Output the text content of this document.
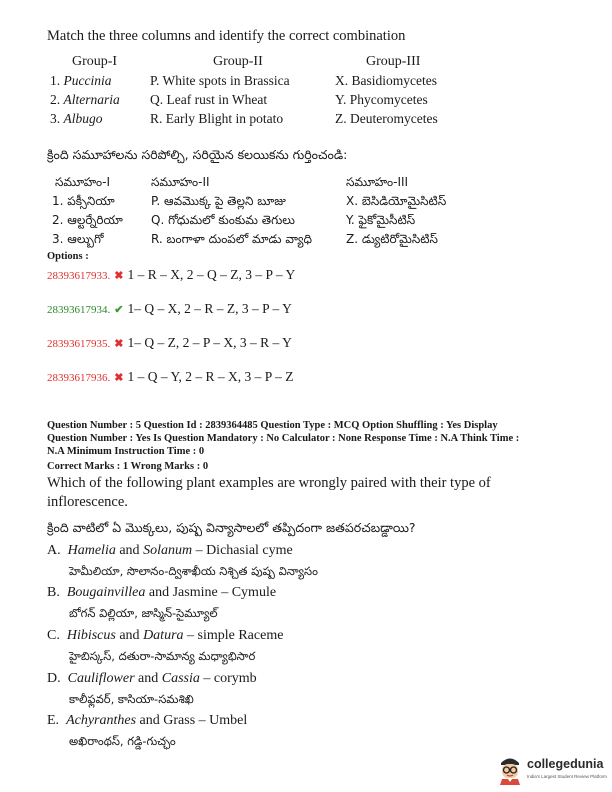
Match the three columns and identify the correct combination
Group-I	Group-II	Group-III
1. Puccinia	P. White spots in Brassica	X. Basidiomycetes
2. Alternaria Q. Leaf rust in Wheat	Y. Phycomycetes
3. Albugo	R. Early Blight in potato	Z. Deuteromycetes
క్రింది సమూహాలను సరిపోల్చి, సరియైన కలయికను గుర్తించండి:
సమూహం-I	సమూహం-II	సమూహం-III
1. పక్సీనియా	P. ఆవమొక్క పై తెల్లని బూజు	X. బెసిడియోమైసిటిస్
2. ఆల్టర్నేరియా Q. గోధుమలో కుంకుమ తెగులు	Y. ఫైకోమైసీటిస్
3. ఆల్బుగో	R. బంగాళా దుంపలో మాడు వ్యాధి	Z. డ్యుటిరోమైసిటిస్
Options :
28393617933. ✖ 1 – R – X, 2 – Q – Z, 3 – P – Y
28393617934. ✔ 1– Q – X, 2 – R – Z, 3 – P – Y
28393617935. ✖ 1– Q – Z, 2 – P – X, 3 – R – Y
28393617936. ✖ 1 – Q – Y, 2 – R – X, 3 – P – Z
Question Number : 5 Question Id : 2839364485 Question Type : MCQ Option Shuffling : Yes Display
Question Number : Yes Is Question Mandatory : No Calculator : None Response Time : N.A Think Time :
N.A Minimum Instruction Time : 0
Correct Marks : 1 Wrong Marks : 0
Which of the following plant examples are wrongly paired with their type of
inflorescence.
క్రింది వాటిలో ఏ మొక్కలు, పుష్ప విన్యాసాలలో తప్పిదంగా జతపరచబడ్డాయి?
A. Hamelia and Solanum – Dichasial cyme
హెమీలియా, సొలానం-ద్విశాఖీయ నిశ్చిత పుష్ప విన్యాసం
B. Bougainvillea and Jasmine – Cymule
బోగన్ విల్లియా, జాస్మిన్-సైమ్యూల్
C. Hibiscus and Datura – simple Raceme
హైబిస్కస్, దతురా-సామాన్య మధ్యాభిసార
D. Cauliflower and Cassia – corymb
కాలీఫ్లవర్, కాసియా-సమశిఖి
E. Achyranthes and Grass – Umbel
అఖిరాంథస్, గడ్డి-గుచ్ఛం
collegedunia
India's Largest Student Review Platform
